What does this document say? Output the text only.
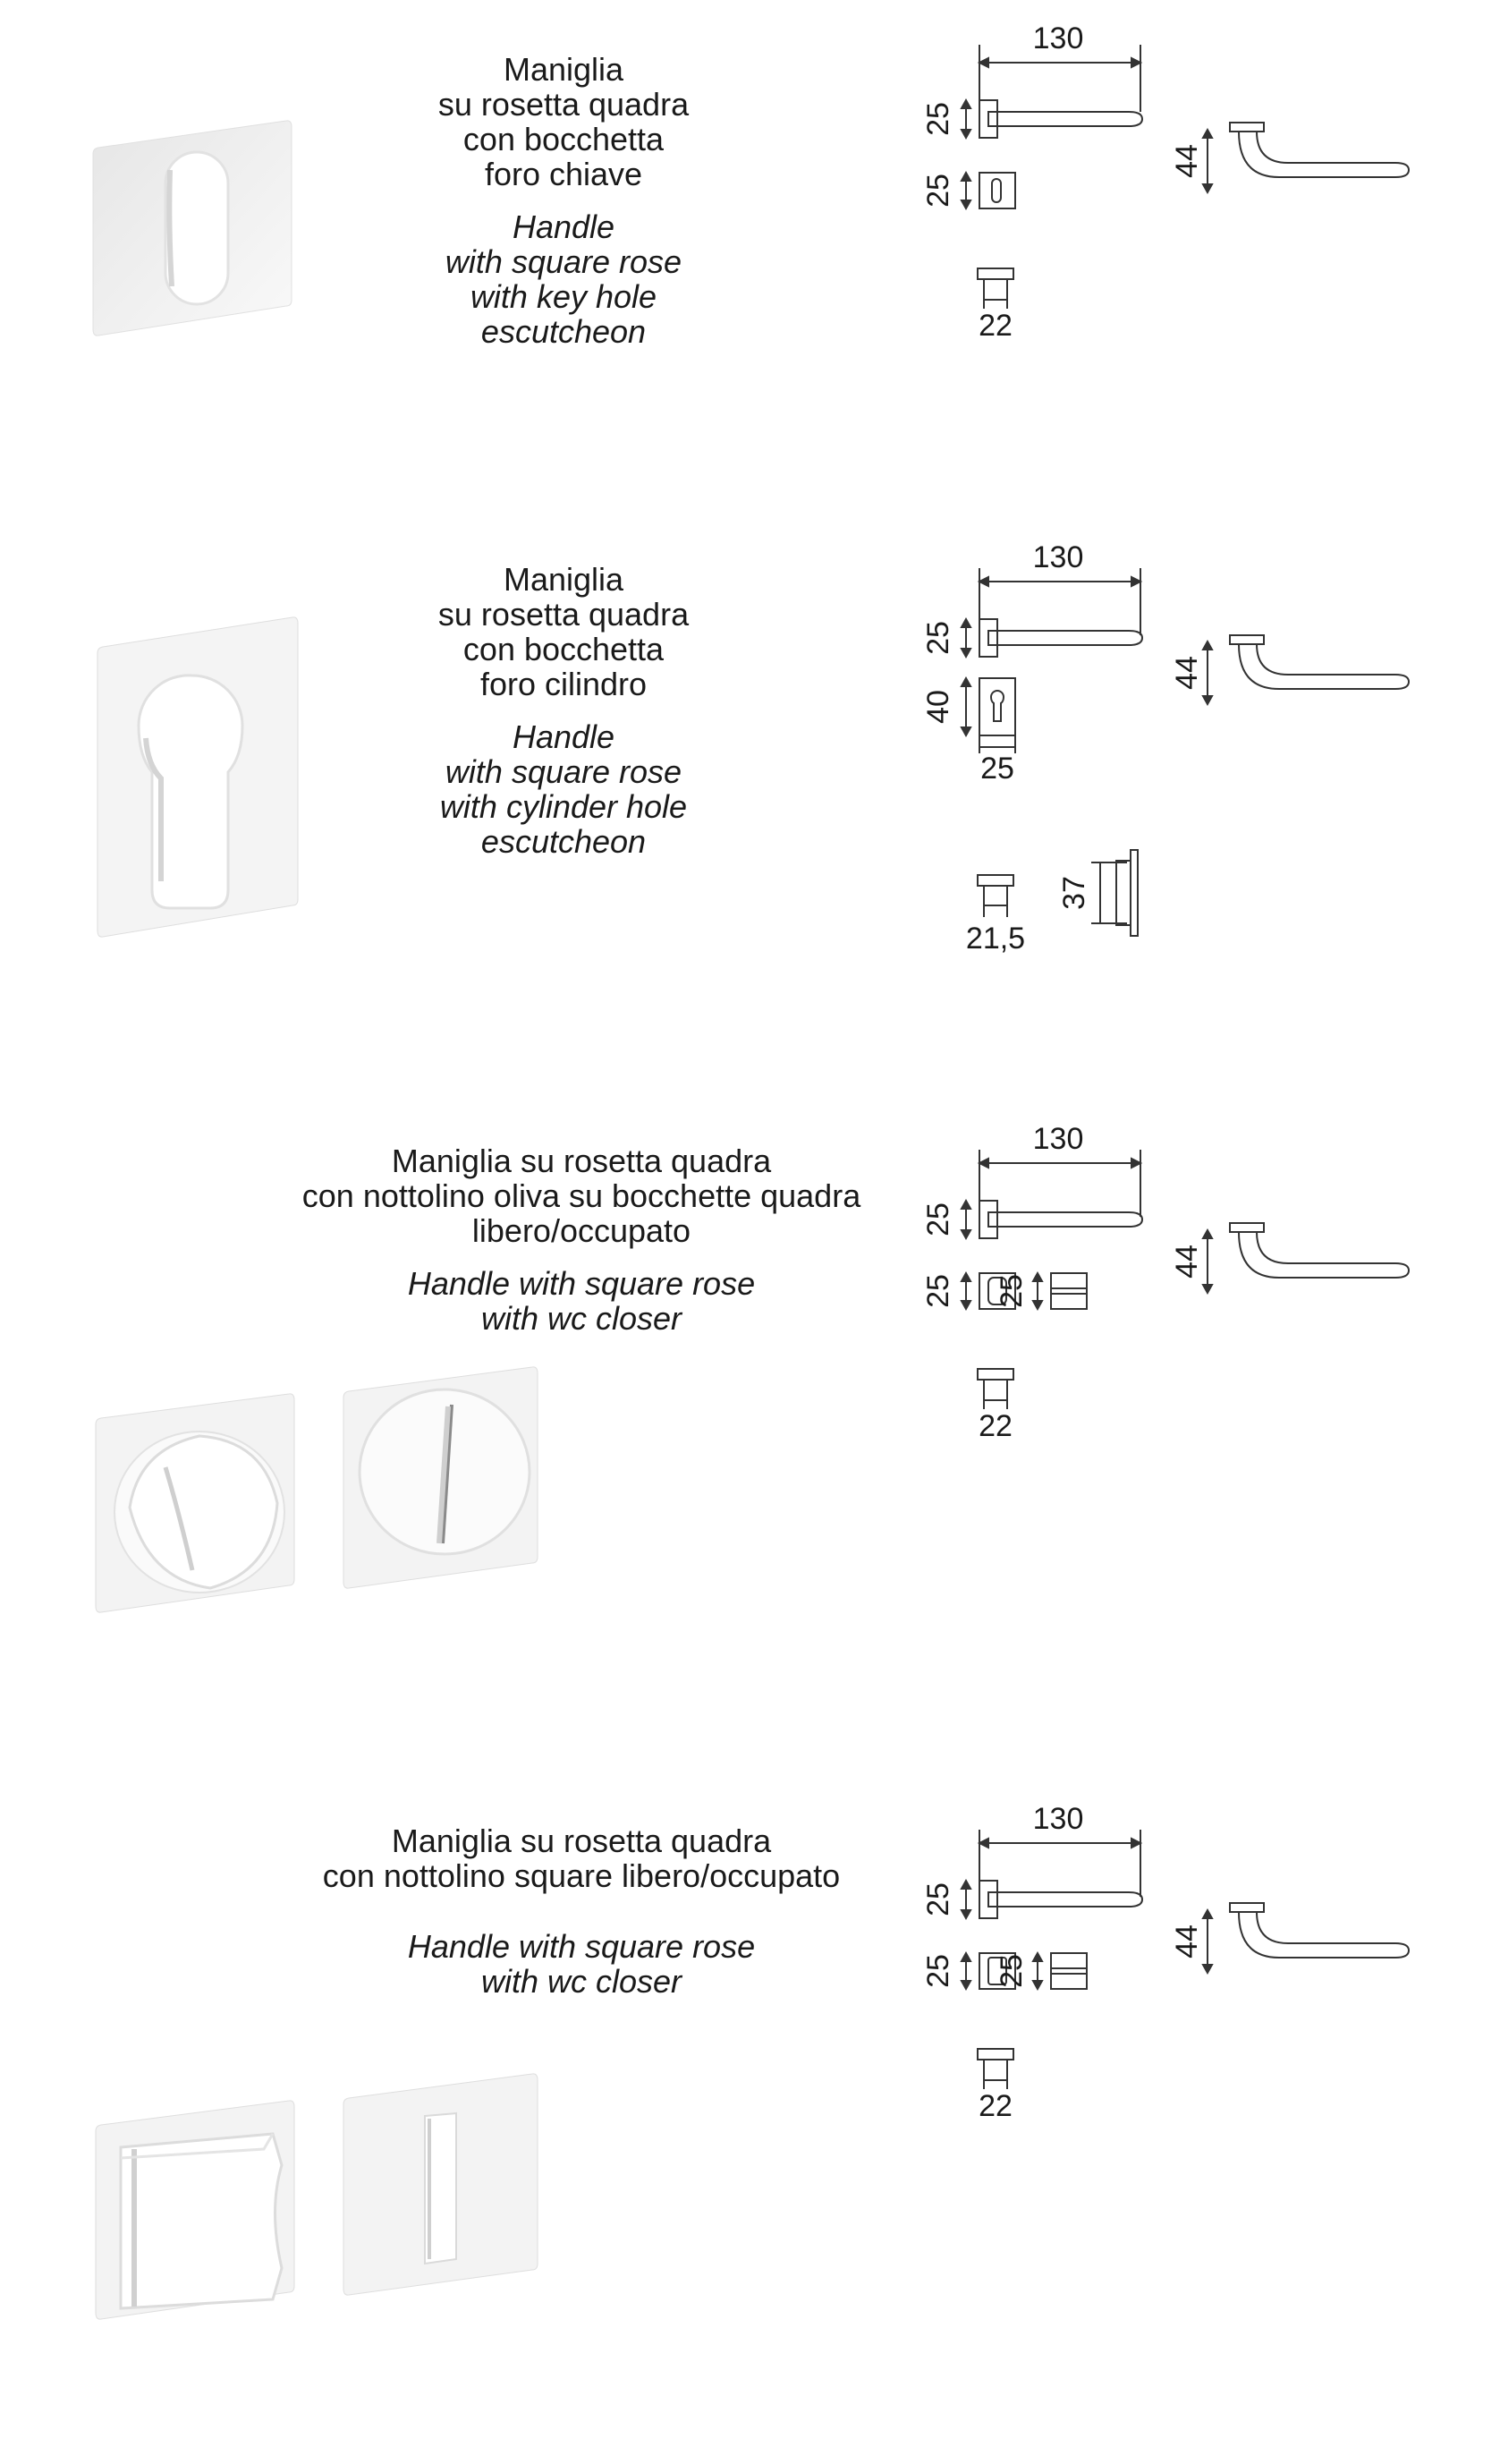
Maniglia
su rosetta quadra
con bocchetta
foro chiave
Handle
with square rose
with key hole
escutcheon
130
25
25
22
44
Maniglia
su rosetta quadra
con bocchetta
foro cilindro
Handle
with square rose
with cylinder hole
escutcheon
130
25
40
25
21,5
37
44
Maniglia su rosetta quadra
con nottolino oliva su bocchette quadra
libero/occupato
Handle with square rose
with wc closer
130
25
25 25
22
44
Maniglia su rosetta quadra
con nottolino square libero/occupato
Handle with square rose
with wc closer
130
25
25 25
22
44
